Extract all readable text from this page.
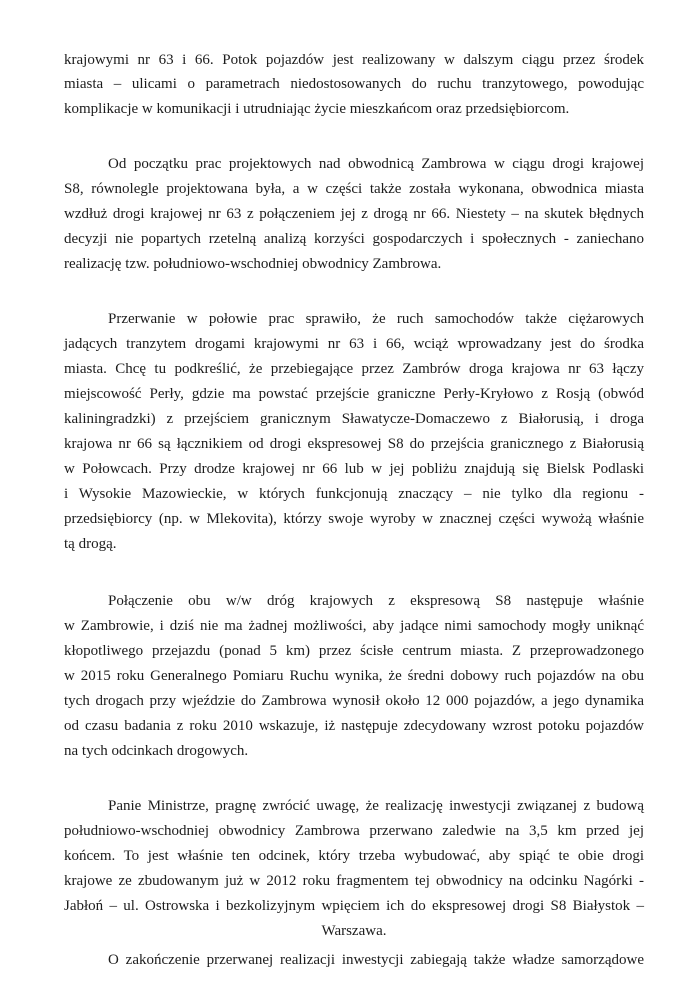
krajowymi nr 63 i 66. Potok pojazdów jest realizowany w dalszym ciągu przez środek

miasta – ulicami o parametrach niedostosowanych do ruchu tranzytowego, powodując

komplikacje w komunikacji i utrudniając życie mieszkańcom oraz przedsiębiorcom.

Od początku prac projektowych nad obwodnicą Zambrowa w ciągu drogi krajowej

S8, równolegle projektowana była, a w części także została wykonana, obwodnica miasta

wzdłuż drogi krajowej nr 63 z połączeniem jej z drogą nr 66. Niestety – na skutek błędnych

decyzji nie popartych rzetelną analizą korzyści gospodarczych i społecznych - zaniechano

realizację tzw. południowo-wschodniej obwodnicy Zambrowa.

Przerwanie w połowie prac sprawiło, że ruch samochodów także ciężarowych

jadących tranzytem drogami krajowymi nr 63 i 66, wciąż wprowadzany jest do środka

miasta. Chcę tu podkreślić, że przebiegające przez Zambrów droga krajowa nr 63 łączy

miejscowość Perły, gdzie ma powstać przejście graniczne Perły-Kryłowo z Rosją (obwód

kaliningradzki) z przejściem granicznym Sławatycze-Domaczewo z Białorusią, i droga

krajowa nr 66 są łącznikiem od drogi ekspresowej S8 do przejścia granicznego z Białorusią

w Połowcach. Przy drodze krajowej nr 66 lub w jej pobliżu znajdują się Bielsk Podlaski

i Wysokie Mazowieckie, w których funkcjonują znaczący – nie tylko dla regionu -

przedsiębiorcy (np. w Mlekovita), którzy swoje wyroby w znacznej części wywożą właśnie

tą drogą.

Połączenie obu w/w dróg krajowych z ekspresową S8 następuje właśnie

w Zambrowie, i dziś nie ma żadnej możliwości, aby jadące nimi samochody mogły uniknąć

kłopotliwego przejazdu (ponad 5 km) przez ścisłe centrum miasta. Z przeprowadzonego

w 2015 roku Generalnego Pomiaru Ruchu wynika, że średni dobowy ruch pojazdów na obu

tych drogach przy wjeździe do Zambrowa wynosił około 12 000 pojazdów, a jego dynamika

od czasu badania z roku 2010 wskazuje, iż następuje zdecydowany wzrost potoku pojazdów

na tych odcinkach drogowych.

Panie Ministrze, pragnę zwrócić uwagę, że realizację inwestycji związanej z budową

południowo-wschodniej obwodnicy Zambrowa przerwano zaledwie na 3,5 km przed jej

końcem. To jest właśnie ten odcinek, który trzeba wybudować, aby spiąć te obie drogi

krajowe ze zbudowanym już w 2012 roku fragmentem tej obwodnicy na odcinku Nagórki -

Jabłoń – ul. Ostrowska i bezkolizyjnym wpięciem ich do ekspresowej drogi S8 Białystok –

Warszawa.

O zakończenie przerwanej realizacji inwestycji zabiegają także władze samorządowe
